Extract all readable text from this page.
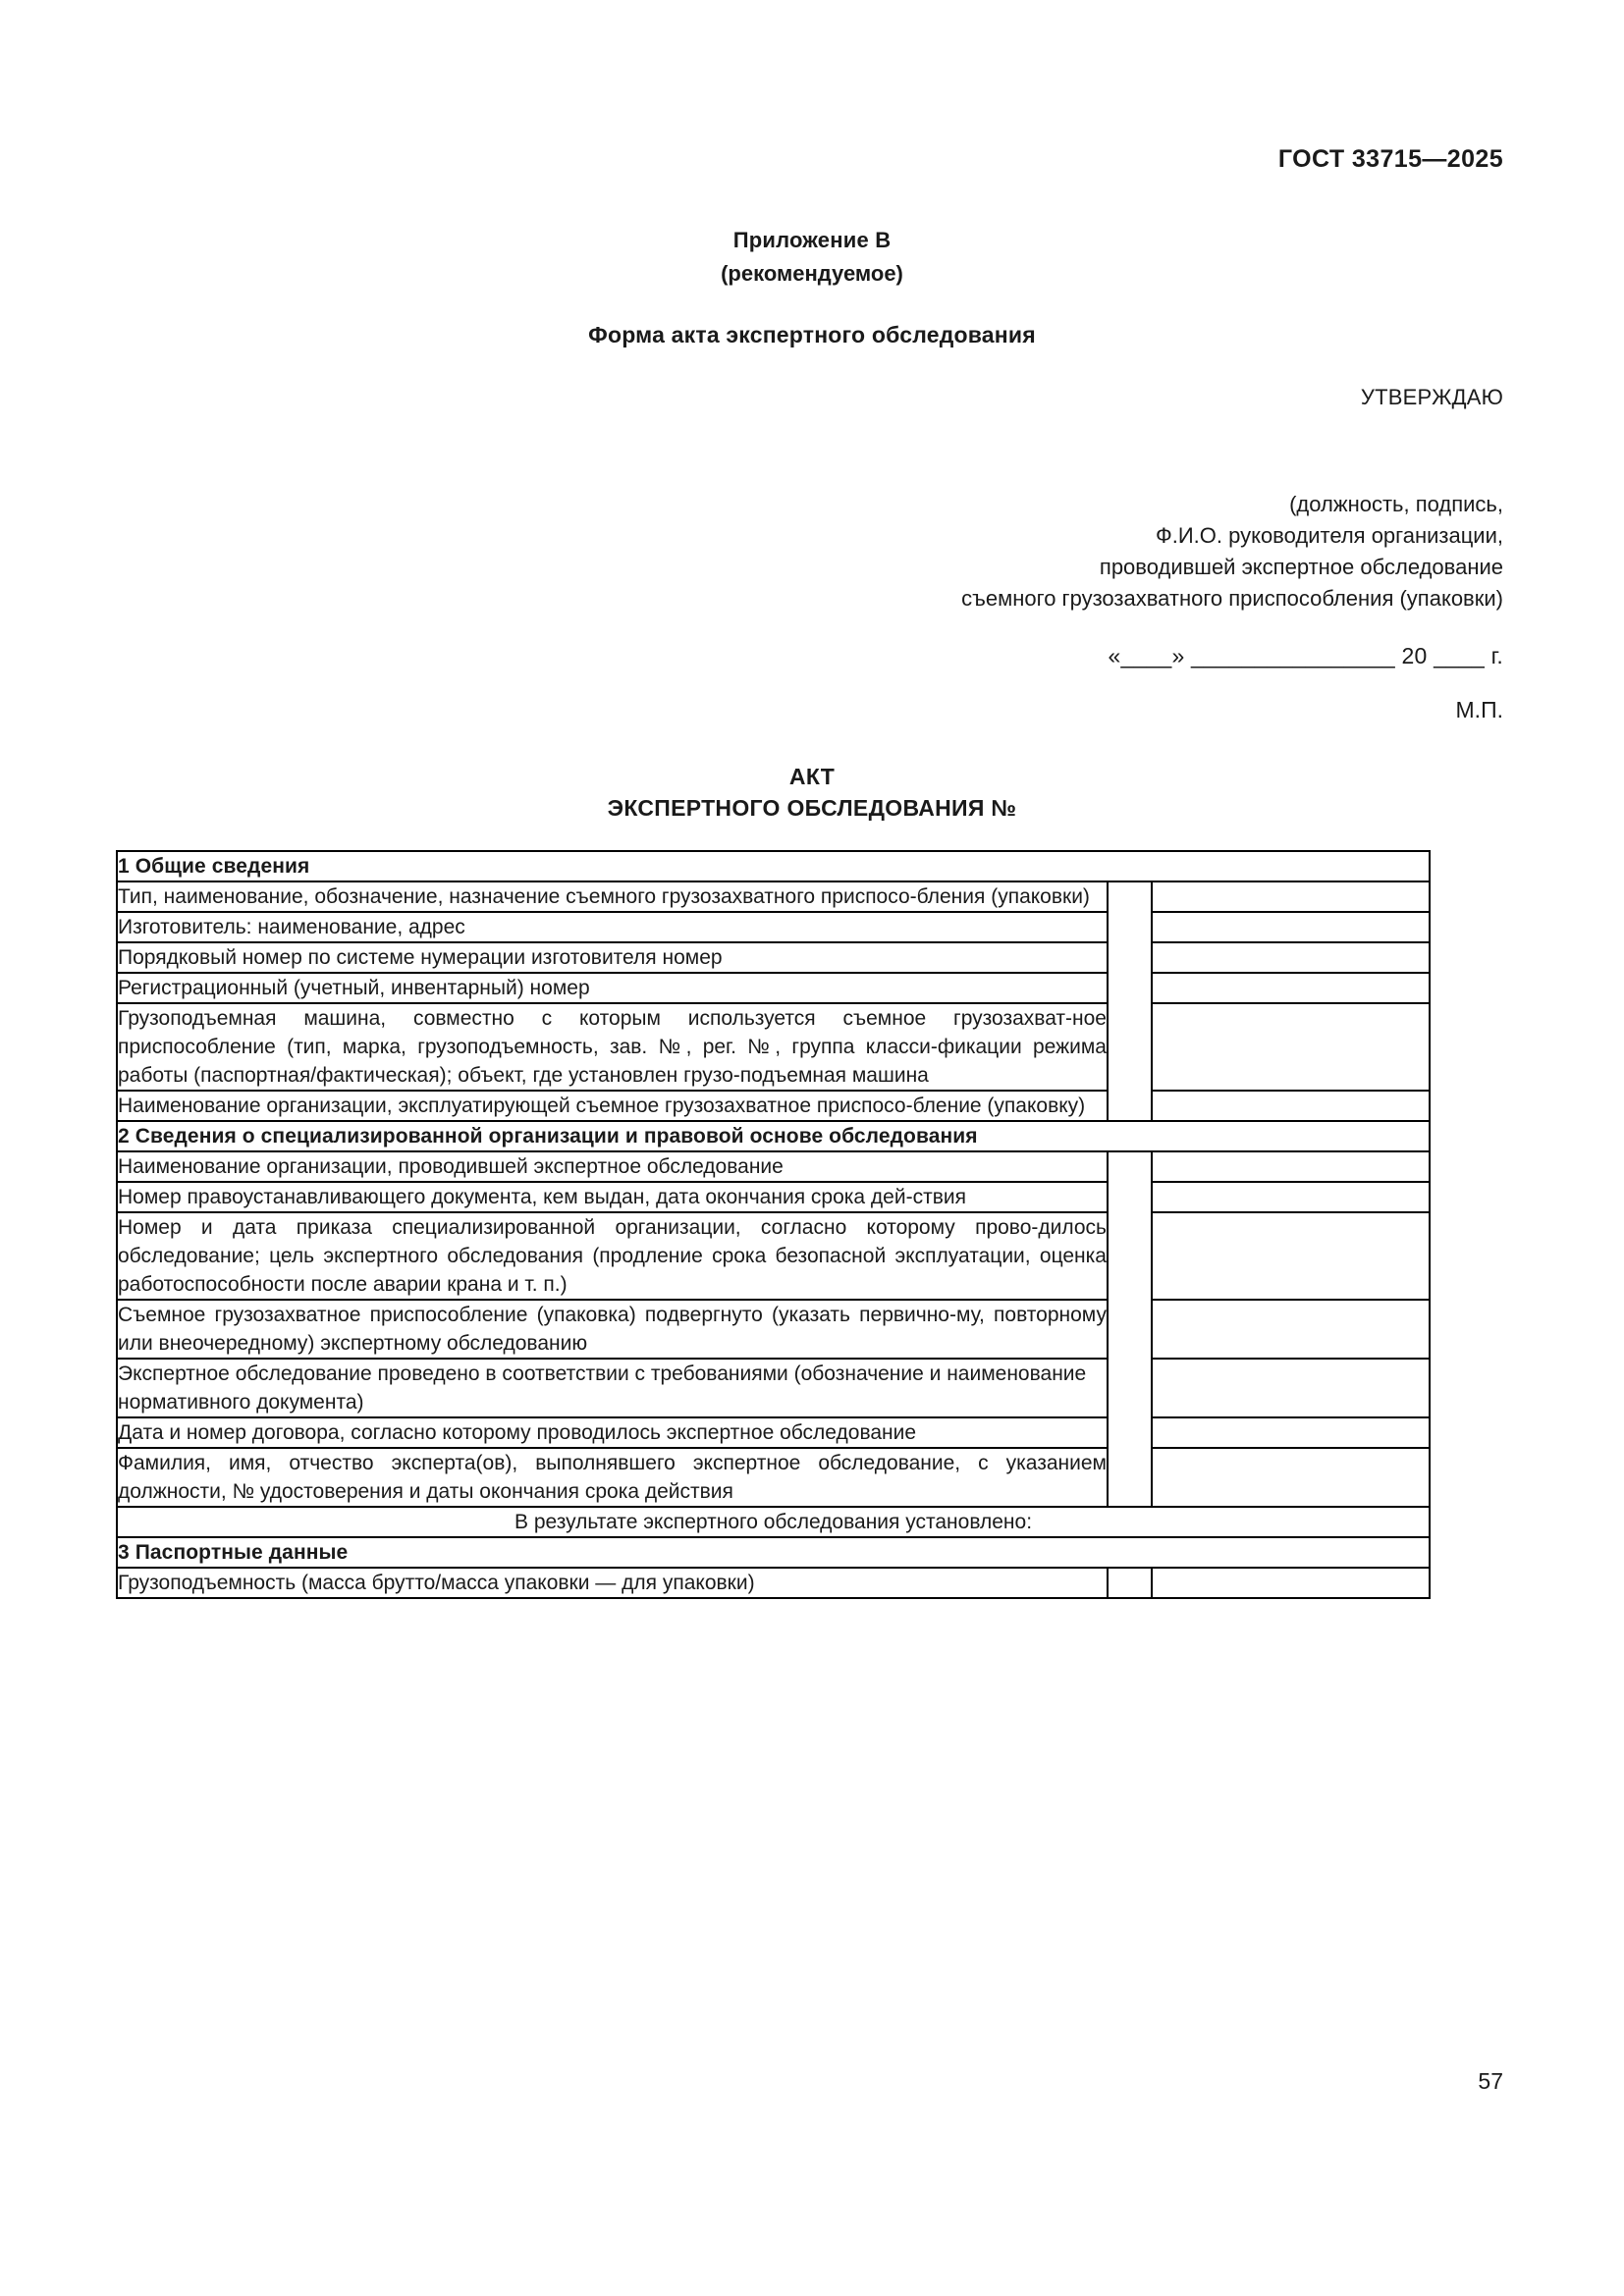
ГОСТ 33715—2025
Приложение В
(рекомендуемое)
Форма акта экспертного обследования
УТВЕРЖДАЮ
(должность, подпись,
Ф.И.О. руководителя организации,
проводившей экспертное обследование
съемного грузозахватного приспособления (упаковки)
«____» ________________ 20 ____ г.
М.П.
АКТ
ЭКСПЕРТНОГО ОБСЛЕДОВАНИЯ №
1 Общие сведения		
Тип, наименование, обозначение, назначение съемного грузозахватного приспосо-бления (упаковки)		
Изготовитель: наименование, адрес		
Порядковый номер по системе нумерации изготовителя номер		
Регистрационный (учетный, инвентарный) номер		
Грузоподъемная машина, совместно с которым используется съемное грузозахват-ное приспособление (тип, марка, грузоподъемность, зав. №, рег. №, группа класси-фикации режима работы (паспортная/фактическая); объект, где установлен грузо-подъемная машина		
Наименование организации, эксплуатирующей съемное грузозахватное приспосо-бление (упаковку)		
2 Сведения о специализированной организации и правовой основе обследования		
Наименование организации, проводившей экспертное обследование		
Номер правоустанавливающего документа, кем выдан, дата окончания срока дей-ствия		
Номер и дата приказа специализированной организации, согласно которому прово-дилось обследование; цель экспертного обследования (продление срока безопасной эксплуатации, оценка работоспособности после аварии крана и т. п.)		
Съемное грузозахватное приспособление (упаковка) подвергнуто (указать первично-му, повторному или внеочередному) экспертному обследованию		
Экспертное обследование проведено в соответствии с требованиями (обозначение и наименование нормативного документа)		
Дата и номер договора, согласно которому проводилось экспертное обследование		
Фамилия, имя, отчество эксперта(ов), выполнявшего экспертное обследование, с указанием должности, № удостоверения и даты окончания срока действия		
В результате экспертного обследования установлено:		
3 Паспортные данные		
Грузоподъемность (масса брутто/масса упаковки — для упаковки)		
57
